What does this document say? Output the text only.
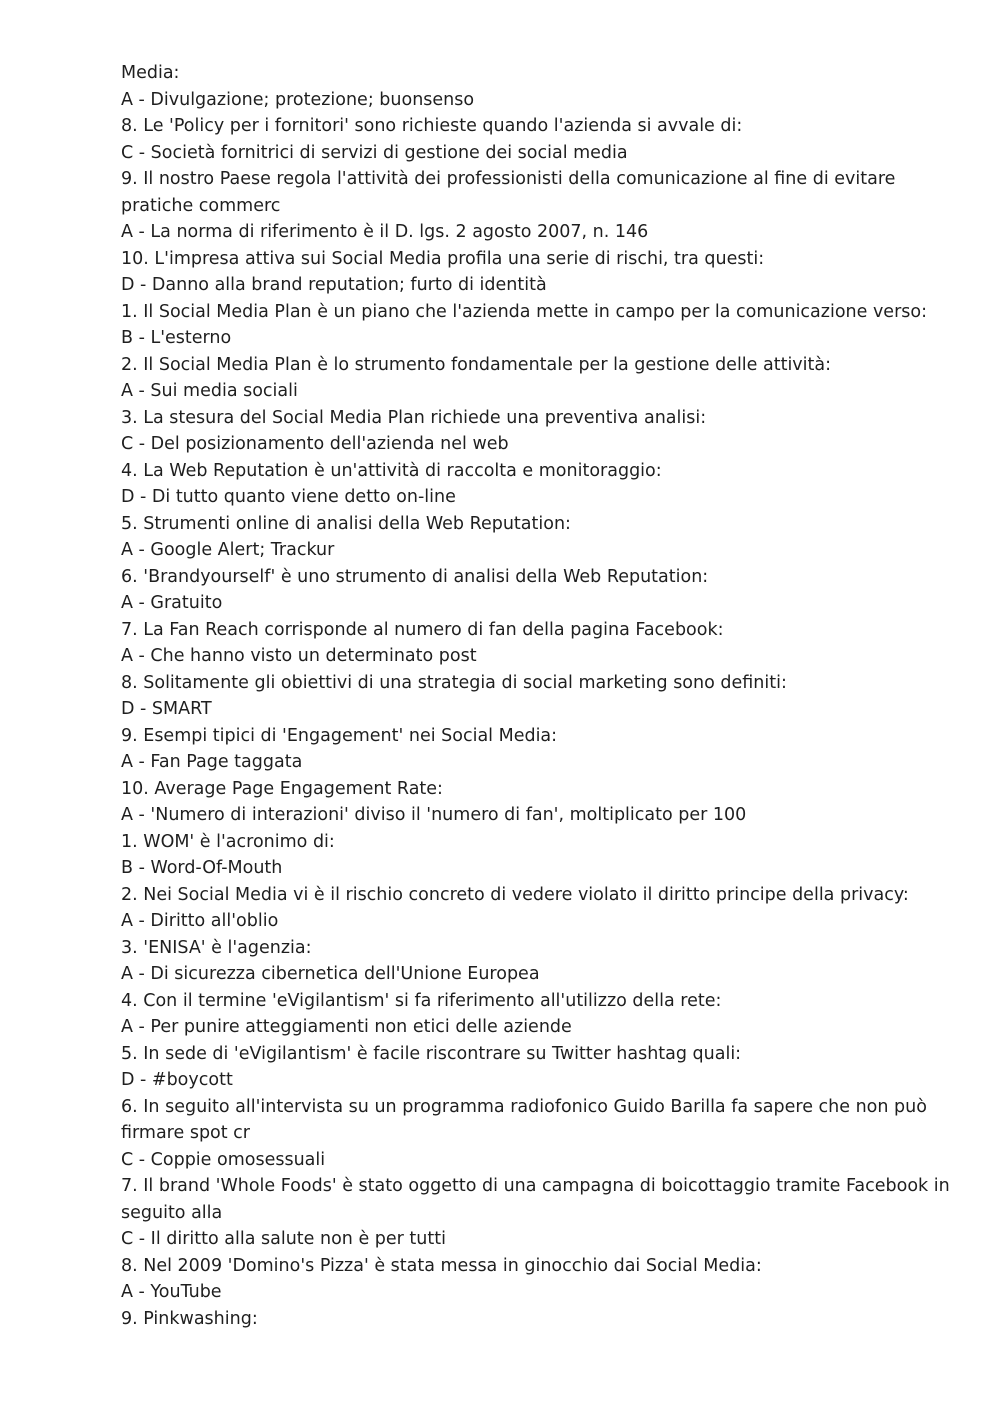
Media:
A - Divulgazione; protezione; buonsenso
8. Le 'Policy per i fornitori' sono richieste quando l'azienda si avvale di:
C - Società fornitrici di servizi di gestione dei social media
9. Il nostro Paese regola l'attività dei professionisti della comunicazione al fine di evitare pratiche commerc
A - La norma di riferimento è il D. lgs. 2 agosto 2007, n. 146
10. L'impresa attiva sui Social Media profila una serie di rischi, tra questi:
D - Danno alla brand reputation; furto di identità
1. Il Social Media Plan è un piano che l'azienda mette in campo per la comunicazione verso:
B - L'esterno
2. Il Social Media Plan è lo strumento fondamentale per la gestione delle attività:
A - Sui media sociali
3. La stesura del Social Media Plan richiede una preventiva analisi:
C - Del posizionamento dell'azienda nel web
4. La Web Reputation è un'attività di raccolta e monitoraggio:
D - Di tutto quanto viene detto on-line
5. Strumenti online di analisi della Web Reputation:
A - Google Alert; Trackur
6. 'Brandyourself' è uno strumento di analisi della Web Reputation:
A - Gratuito
7. La Fan Reach corrisponde al numero di fan della pagina Facebook:
A - Che hanno visto un determinato post
8. Solitamente gli obiettivi di una strategia di social marketing sono definiti:
D - SMART
9. Esempi tipici di 'Engagement' nei Social Media:
A - Fan Page taggata
10. Average Page Engagement Rate:
A - 'Numero di interazioni' diviso il 'numero di fan', moltiplicato per 100
1. WOM' è l'acronimo di:
B - Word-Of-Mouth
2. Nei Social Media vi è il rischio concreto di vedere violato il diritto principe della privacy:
A - Diritto all'oblio
3. 'ENISA' è l'agenzia:
A - Di sicurezza cibernetica dell'Unione Europea
4. Con il termine 'eVigilantism' si fa riferimento all'utilizzo della rete:
A - Per punire atteggiamenti non etici delle aziende
5. In sede di 'eVigilantism' è facile riscontrare su Twitter hashtag quali:
D - #boycott
6. In seguito all'intervista su un programma radiofonico Guido Barilla fa sapere che non può firmare spot cr
C - Coppie omosessuali
7. Il brand 'Whole Foods' è stato oggetto di una campagna di boicottaggio tramite Facebook in seguito alla
C - Il diritto alla salute non è per tutti
8. Nel 2009 'Domino's Pizza' è stata messa in ginocchio dai Social Media:
A - YouTube
9. Pinkwashing:
